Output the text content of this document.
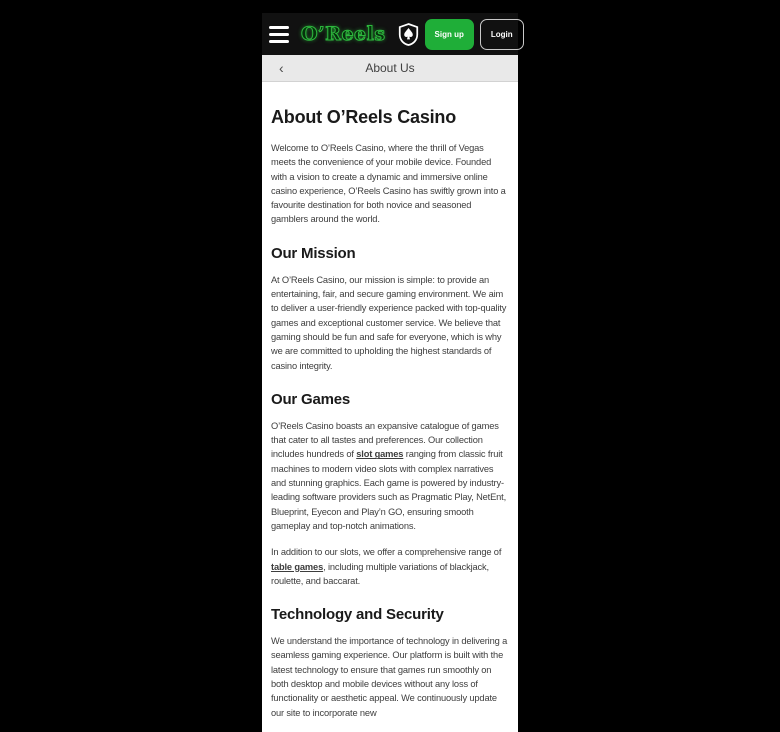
O’Reels	Sign up	Login
‹	About Us
About O’Reels Casino

Welcome to O’Reels Casino, where the thrill of Vegas meets the convenience of your mobile device. Founded with a vision to create a dynamic and immersive online casino experience, O’Reels Casino has swiftly grown into a favourite destination for both novice and seasoned gamblers around the world.

Our Mission

At O’Reels Casino, our mission is simple: to provide an entertaining, fair, and secure gaming environment. We aim to deliver a user-friendly experience packed with top-quality games and exceptional customer service. We believe that gaming should be fun and safe for everyone, which is why we are committed to upholding the highest standards of casino integrity.

Our Games

O’Reels Casino boasts an expansive catalogue of games that cater to all tastes and preferences. Our collection includes hundreds of slot games ranging from classic fruit machines to modern video slots with complex narratives and stunning graphics. Each game is powered by industry-leading software providers such as Pragmatic Play, NetEnt, Blueprint, Eyecon and Play’n GO, ensuring smooth gameplay and top-notch animations.

In addition to our slots, we offer a comprehensive range of table games, including multiple variations of blackjack, roulette, and baccarat.

Technology and Security

We understand the importance of technology in delivering a seamless gaming experience. Our platform is built with the latest technology to ensure that games run smoothly on both desktop and mobile devices without any loss of functionality or aesthetic appeal. We continuously update our site to incorporate new
